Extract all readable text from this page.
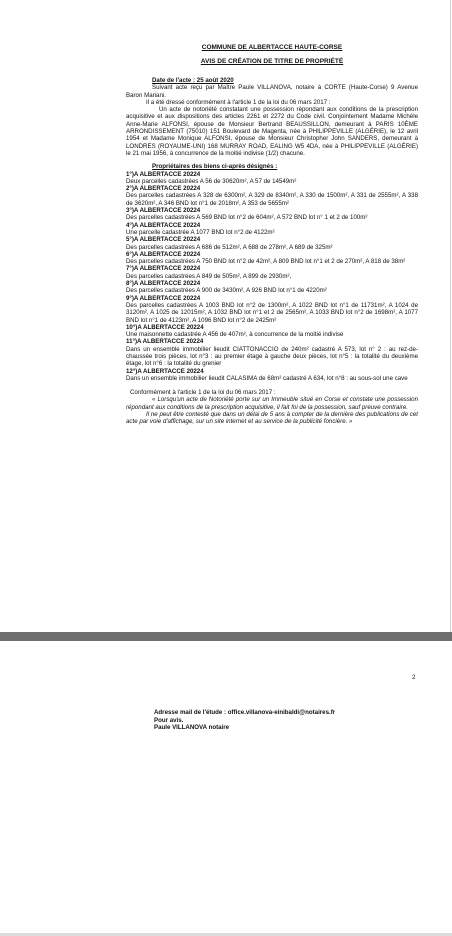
COMMUNE DE ALBERTACCE HAUTE-CORSE

AVIS DE CRÉATION DE TITRE DE PROPRIÉTÉ

Date de l'acte : 25 août 2020

Suivant acte reçu par Maître Paule VILLANOVA, notaire à CORTE (Haute-Corse) 9 Avenue Baron Mariani.

Il a été dressé conformément à l'article 1 de la loi du 06 mars 2017 :

Un acte de notoriété constatant une possession répondant aux conditions de la prescription acquisitive et aux dispositions des articles 2261 et 2272 du Code civil. Conjointement Madame Michèle Anne-Marie ALFONSI, épouse de Monsieur Bertrand BEAUSSILLON, demeurant à PARIS 10ÈME ARRONDISSEMENT (75010) 151 Boulevard de Magenta, née à PHILIPPEVILLE (ALGÉRIE), le 12 avril 1954 et Madame Monique ALFONSI, épouse de Monsieur Christopher John SANDERS, demeurant à LONDRES (ROYAUME-UNI) 168 MURRAY ROAD, EALING W5 4DA, née à PHILIPPEVILLE (ALGÉRIE) le 21 mai 1956, à concurrence de la moitié indivise (1/2) chacune.

Propriétaires des biens ci-après désignés :

1°)A ALBERTACCE 20224

Deux parcelles cadastrées A 56 de 30620m², A 57 de 14549m²

2°)A ALBERTACCE 20224

Des parcelles cadastrées A 328 de 6300m², A 329 de 8340m², A 330 de 1500m², A 331 de 2555m², A 338 de 3620m², A 346 BND lot n°1 de 2018m², A 353 de 5655m²

3°)A ALBERTACCE 20224

Des parcelles cadastrées A 569 BND lot n°2 de 604m², A 572 BND lot n° 1 et 2 de 100m²

4°)A ALBERTACCE 20224

Une parcelle cadastrée A 1077 BND lot n°2 de 4122m²

5°)A ALBERTACCE 20224

Des parcelles cadastrées A 686 de 512m², A 688 de 278m², A 689 de 325m²

6°)A ALBERTACCE 20224

Des parcelles cadastrées A 750 BND lot n°2 de 42m², A 809 BND lot n°1 et 2 de 270m², A 818 de 38m²

7°)A ALBERTACCE 20224

Des parcelles cadastrées A 849 de 505m², A 899 de 2930m²,

8°)A ALBERTACCE 20224

Des parcelles cadastrées A 900 de 3430m², A 926 BND lot n°1 de 4220m²

9°)A ALBERTACCE 20224

Des parcelles cadastrées A 1003 BND lot n°2 de 1300m², A 1022 BND lot n°1 de 11731m², A 1024 de 3120m², A 1025 de 12015m², A 1032 BND lot n°1 et 2 de 2565m², A 1033 BND lot n°2 de 1698m², A 1077 BND lot n°1 de 4123m², A 1096 BND lot n°2 de 2425m²

10°)A ALBERTACCE 20224

Une maisonnette cadastrée A 456 de 407m², à concurrence de la moitié indivise

11°)A ALBERTACCE 20224

Dans un ensemble immobilier lieudit CIATTONACCIO de 240m² cadastré A 573, lot n° 2 : au rez-de-chaussée trois pièces, lot n°3 : au premier étage à gauche deux pièces, lot n°5 : la totalité du deuxième étage, lot n°6 : la totalité du grenier

12°)A ALBERTACCE 20224

Dans un ensemble immobilier lieudit CALASIMA de 68m² cadastré A 634, lot n°8 : au sous-sol une cave

Conformément à l'article 1 de la loi du 06 mars 2017 :

« Lorsqu'un acte de Notoriété porte sur un Immeuble situé en Corse et constate une possession répondant aux conditions de la prescription acquisitive, il fait foi de la possession, sauf preuve contraire.

Il ne peut être contesté que dans un délai de 5 ans à compter de la dernière des publications de cet acte par voie d'affichage, sur un site internet et au service de la publicité foncière. »

2

Adresse mail de l'étude : office.villanova-einibaldi@notaires.fr

Pour avis.

Paule VILLANOVA notaire
